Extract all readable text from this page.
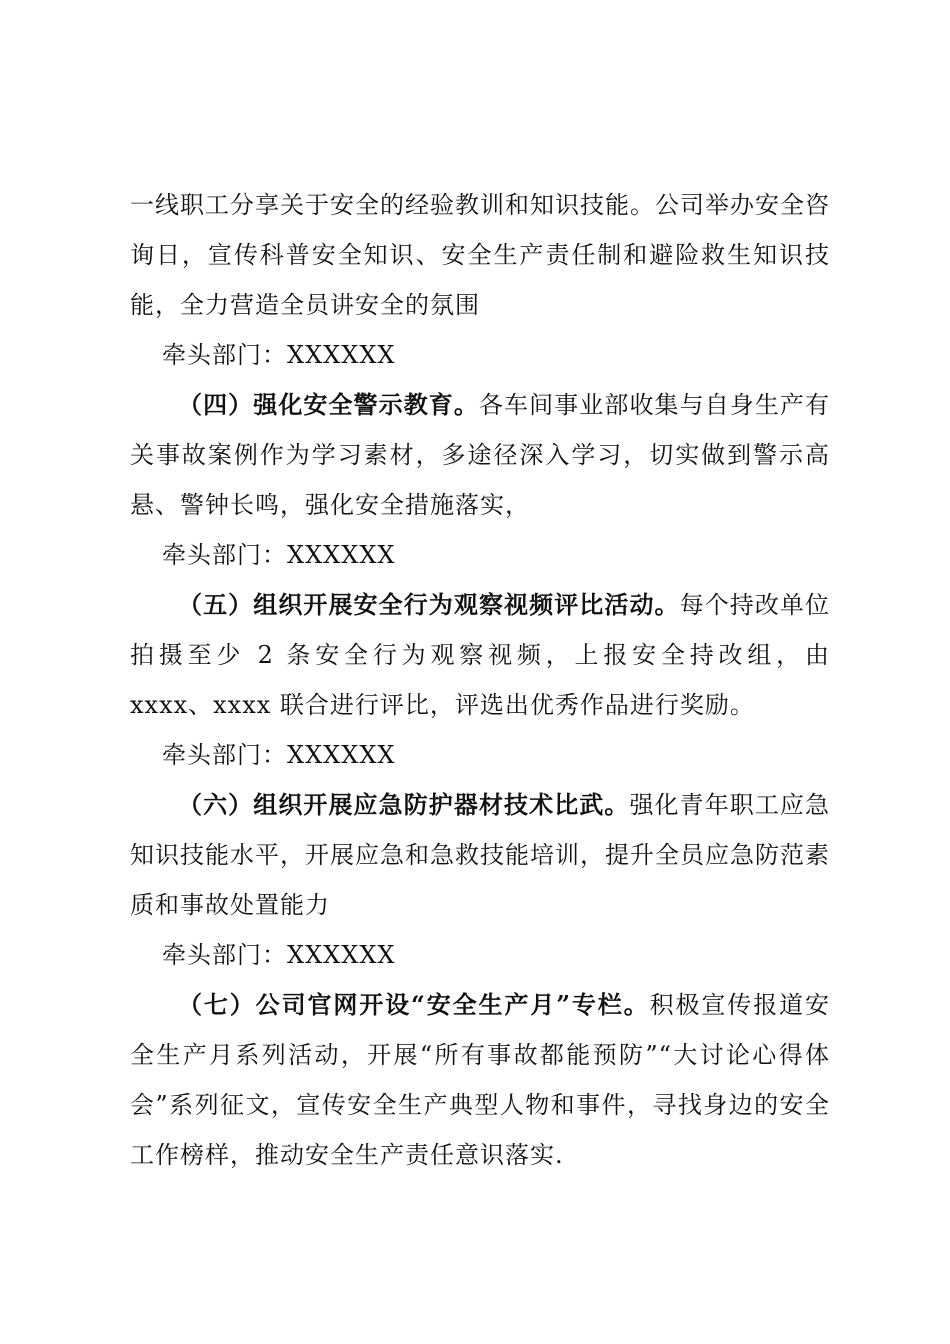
一线职工分享关于安全的经验教训和知识技能。公司举办安全咨询日，宣传科普安全知识、安全生产责任制和避险救生知识技能，全力营造全员讲安全的氛围

牵头部门：XXXXXX

（四）强化安全警示教育。各车间事业部收集与自身生产有关事故案例作为学习素材，多途径深入学习，切实做到警示高悬、警钟长鸣，强化安全措施落实，

牵头部门：XXXXXX

（五）组织开展安全行为观察视频评比活动。每个持改单位拍摄至少 2 条安全行为观察视频，上报安全持改组，由 xxxx、xxxx 联合进行评比，评选出优秀作品进行奖励。

牵头部门：XXXXXX

（六）组织开展应急防护器材技术比武。强化青年职工应急知识技能水平，开展应急和急救技能培训，提升全员应急防范素质和事故处置能力

牵头部门：XXXXXX

（七）公司官网开设“安全生产月”专栏。积极宣传报道安全生产月系列活动，开展“所有事故都能预防”“大讨论心得体会”系列征文，宣传安全生产典型人物和事件，寻找身边的安全工作榜样，推动安全生产责任意识落实.
